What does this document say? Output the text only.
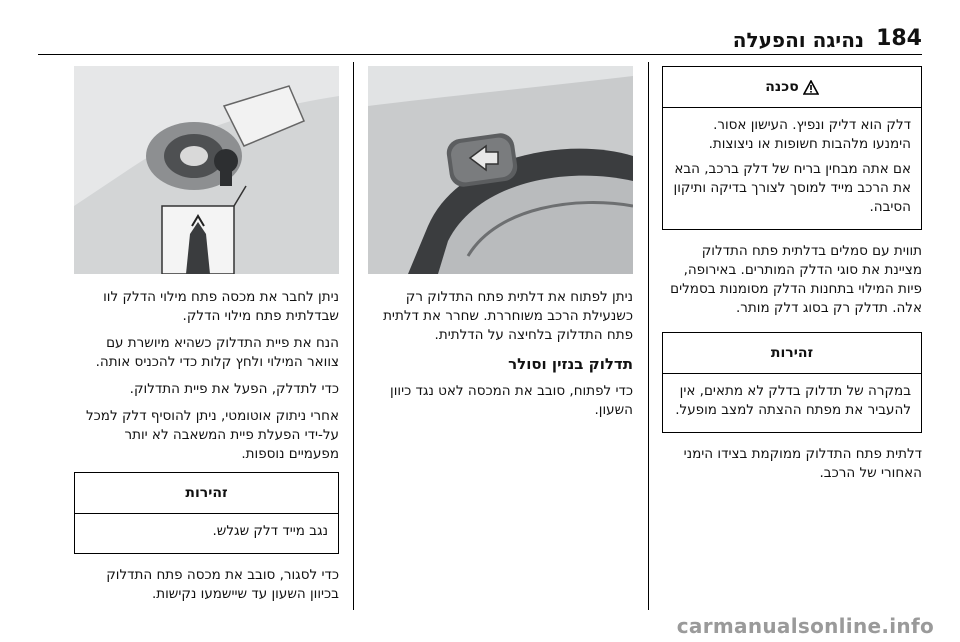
184
נהיגה והפעלה
סכנה

דלק הוא דליק ונפיץ. העישון אסור. הימנעו מלהבות חשופות או ניצוצות.

אם אתה מבחין בריח של דלק ברכב, הבא את הרכב מייד למוסך לצורך בדיקה ותיקון הסיבה.

תווית עם סמלים בדלתית פתח התדלוק מציינת את סוגי הדלק המותרים. באירופה, פיות המילוי בתחנות הדלק מסומנות בסמלים אלה. תדלק רק בסוג דלק מותר.

זהירות

במקרה של תדלוק בדלק לא מתאים, אין להעביר את מפתח ההצתה למצב מופעל.

דלתית פתח התדלוק ממוקמת בצידו הימני האחורי של הרכב.

ניתן לפתוח את דלתית פתח התדלוק רק כשנעילת הרכב משוחררת. שחרר את דלתית פתח התדלוק בלחיצה על הדלתית.

תדלוק בנזין וסולר

כדי לפתוח, סובב את המכסה לאט נגד כיוון השעון.

ניתן לחבר את מכסה פתח מילוי הדלק לוו שבדלתית פתח מילוי הדלק.

הנח את פיית התדלוק כשהיא מיושרת עם צוואר המילוי ולחץ קלות כדי להכניס אותה.

כדי לתדלק, הפעל את פיית התדלוק.

אחרי ניתוק אוטומטי, ניתן להוסיף דלק למכל על-ידי הפעלת פיית המשאבה לא יותר מפעמיים נוספות.

זהירות

נגב מייד דלק שגלש.

כדי לסגור, סובב את מכסה פתח התדלוק בכיוון השעון עד שיישמעו נקישות.

carmanualsonline.info
